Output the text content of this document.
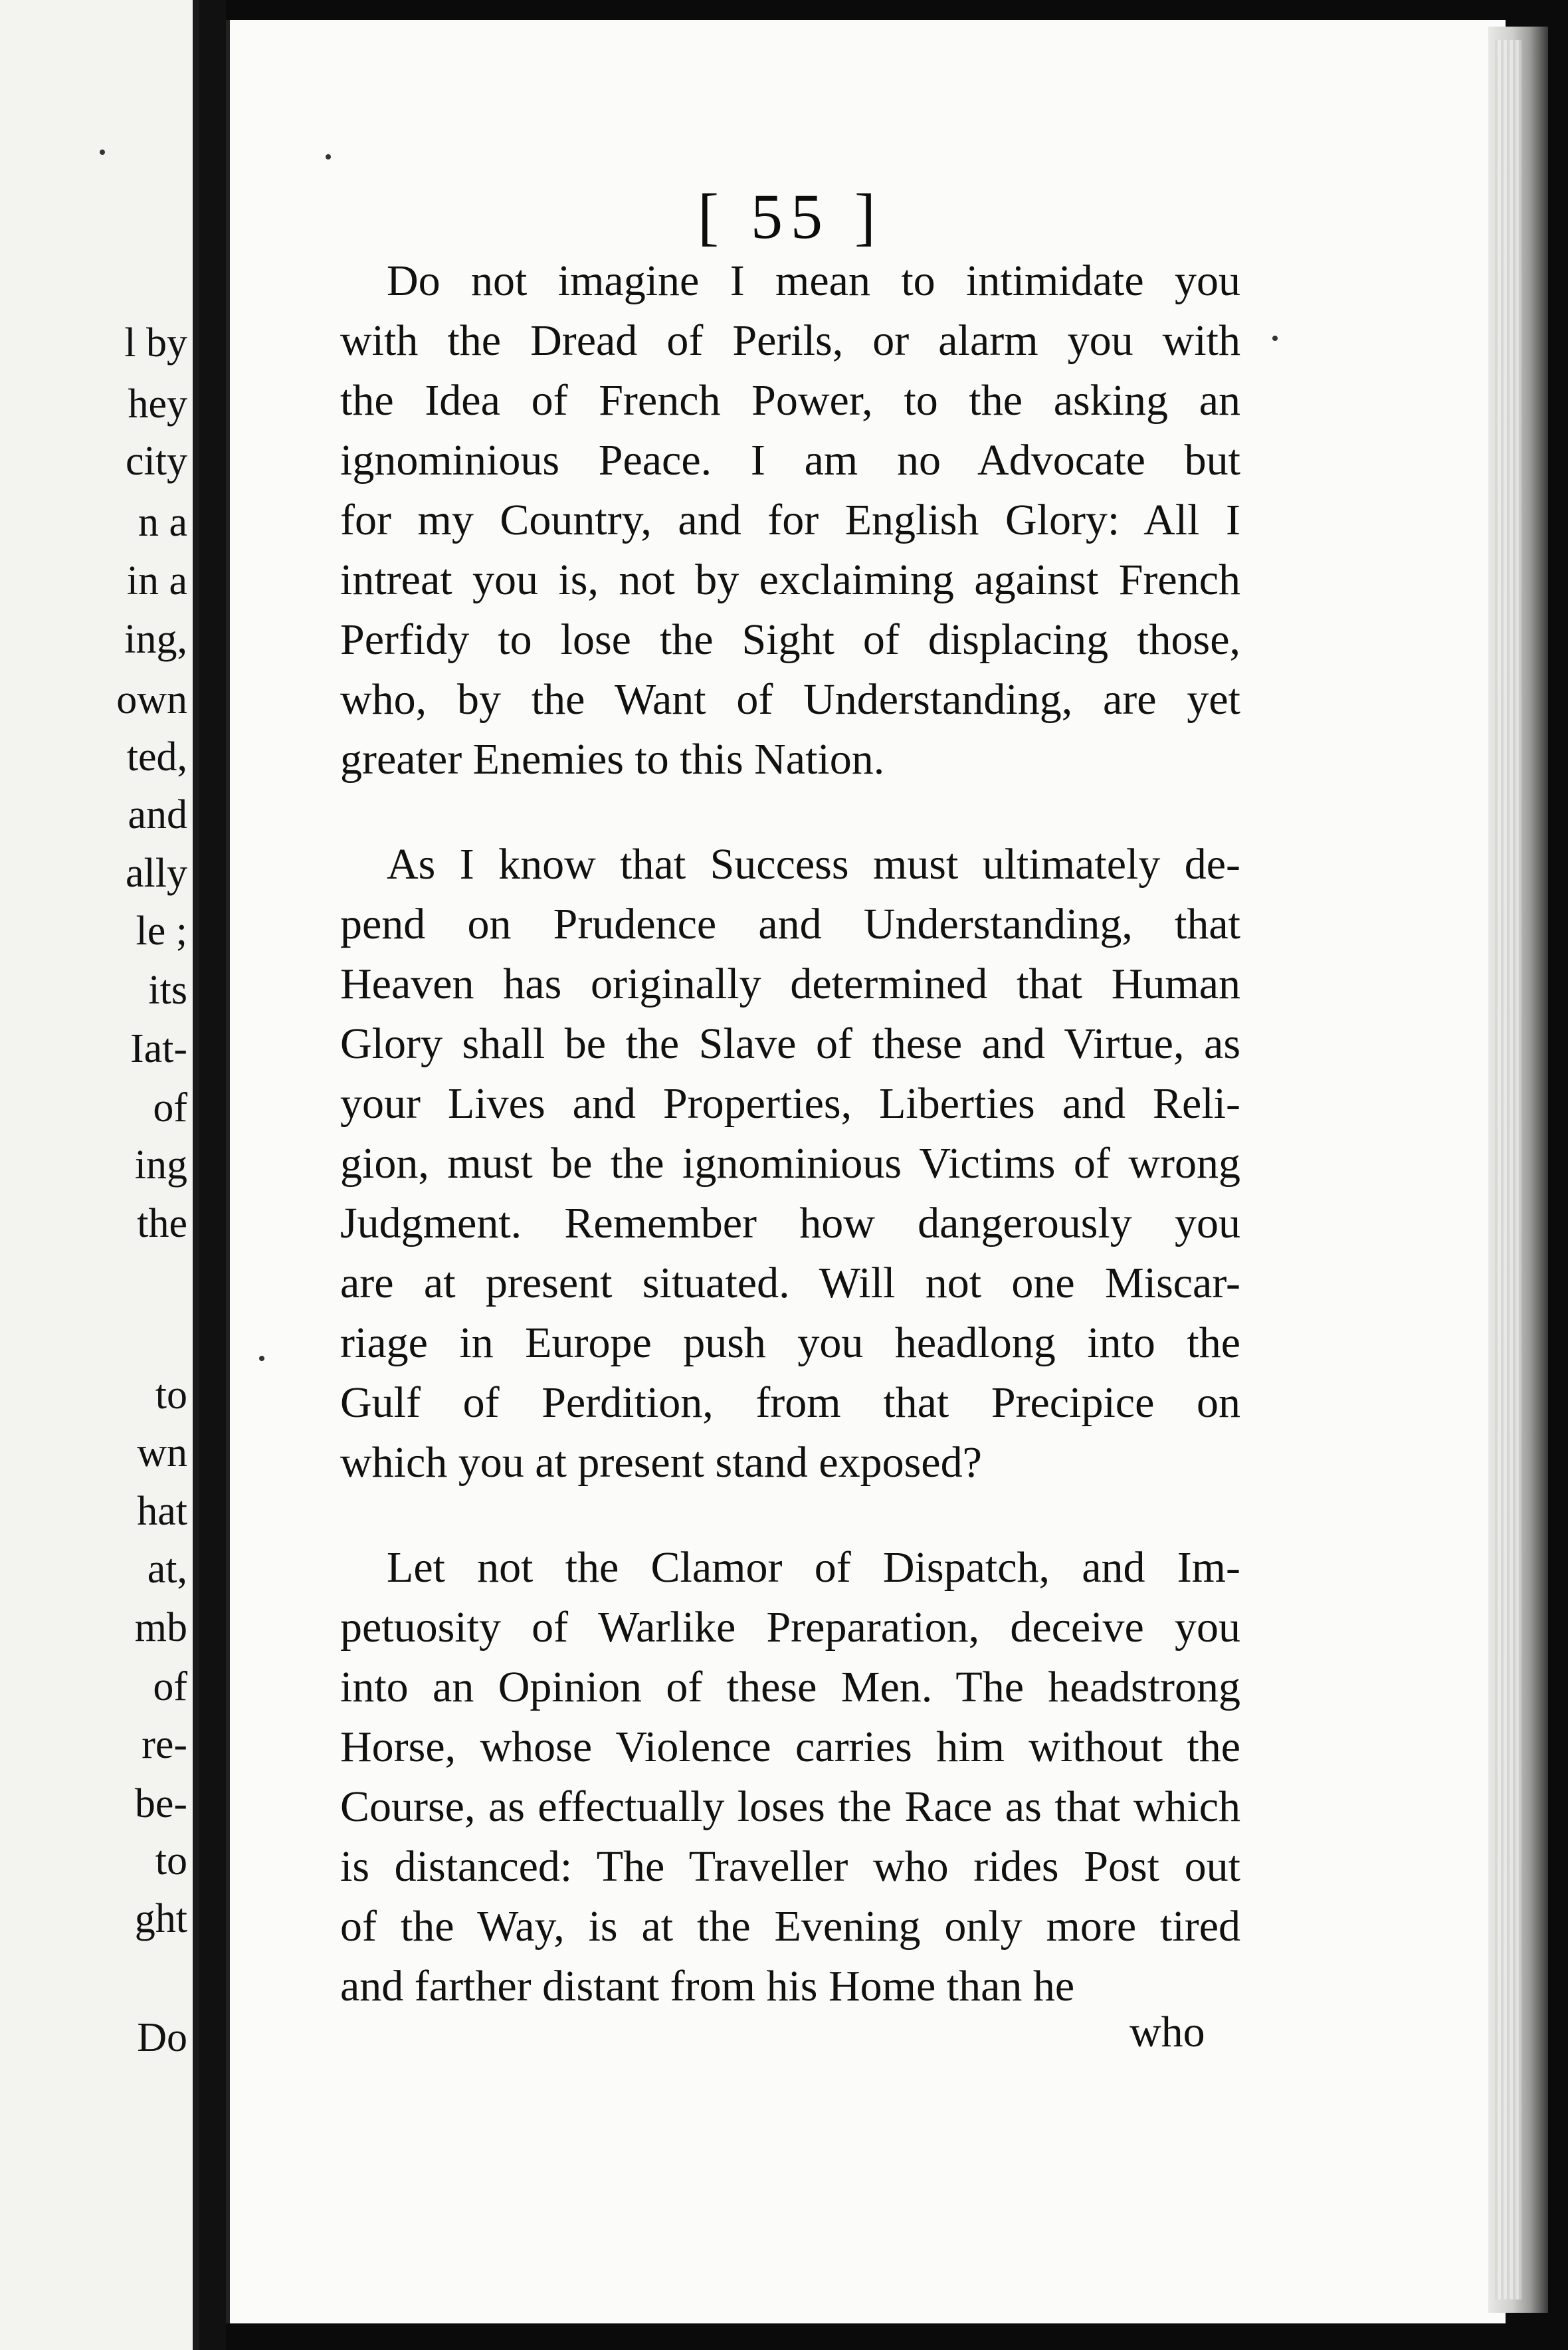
l by
hey
city
n a
in a
ing,
own
ted,
and
ally
le ;
its
Iat-
of
ing
the
to
wn
hat
at,
mb
of
re-
be-
to
ght
Do
[ 55 ]
Do not imagine I mean to intimidate you
with the Dread of Perils, or alarm you with
the Idea of French Power, to the asking an
ignominious Peace. I am no Advocate but
for my Country, and for English Glory: All I
intreat you is, not by exclaiming against French
Perfidy to lose the Sight of displacing those,
who, by the Want of Understanding, are yet
greater Enemies to this Nation.
As I know that Success must ultimately de-
pend on Prudence and Understanding, that
Heaven has originally determined that Human
Glory shall be the Slave of these and Virtue, as
your Lives and Properties, Liberties and Reli-
gion, must be the ignominious Victims of wrong
Judgment. Remember how dangerously you
are at present situated. Will not one Miscar-
riage in Europe push you headlong into the
Gulf of Perdition, from that Precipice on
which you at present stand exposed?
Let not the Clamor of Dispatch, and Im-
petuosity of Warlike Preparation, deceive you
into an Opinion of these Men. The headstrong
Horse, whose Violence carries him without the
Course, as effectually loses the Race as that which
is distanced: The Traveller who rides Post out
of the Way, is at the Evening only more tired
and farther distant from his Home than he
who
